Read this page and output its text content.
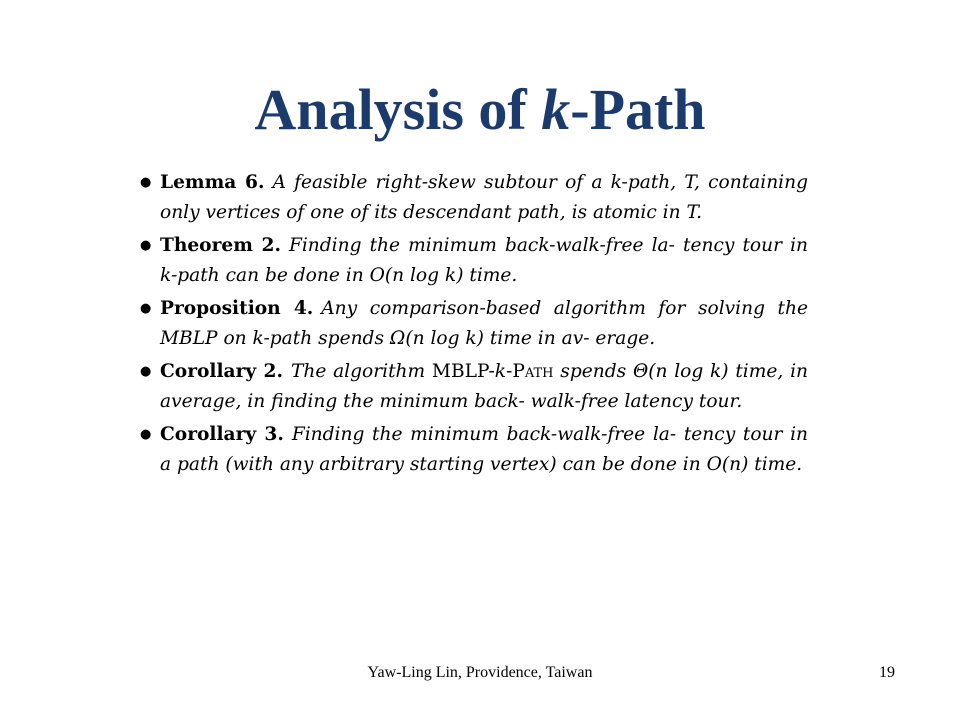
Analysis of k-Path
● Lemma 6. A feasible right-skew subtour of a k-path, T, containing only vertices of one of its descendant path, is atomic in T.
● Theorem 2. Finding the minimum back-walk-free la- tency tour in k-path can be done in O(n log k) time.
● Proposition 4. Any comparison-based algorithm for solving the MBLP on k-path spends Ω(n log k) time in av- erage.
● Corollary 2. The algorithm MBLP-k-Path spends Θ(n log k) time, in average, in finding the minimum back- walk-free latency tour.
● Corollary 3. Finding the minimum back-walk-free la- tency tour in a path (with any arbitrary starting vertex) can be done in O(n) time.
Yaw-Ling Lin, Providence, Taiwan	19
